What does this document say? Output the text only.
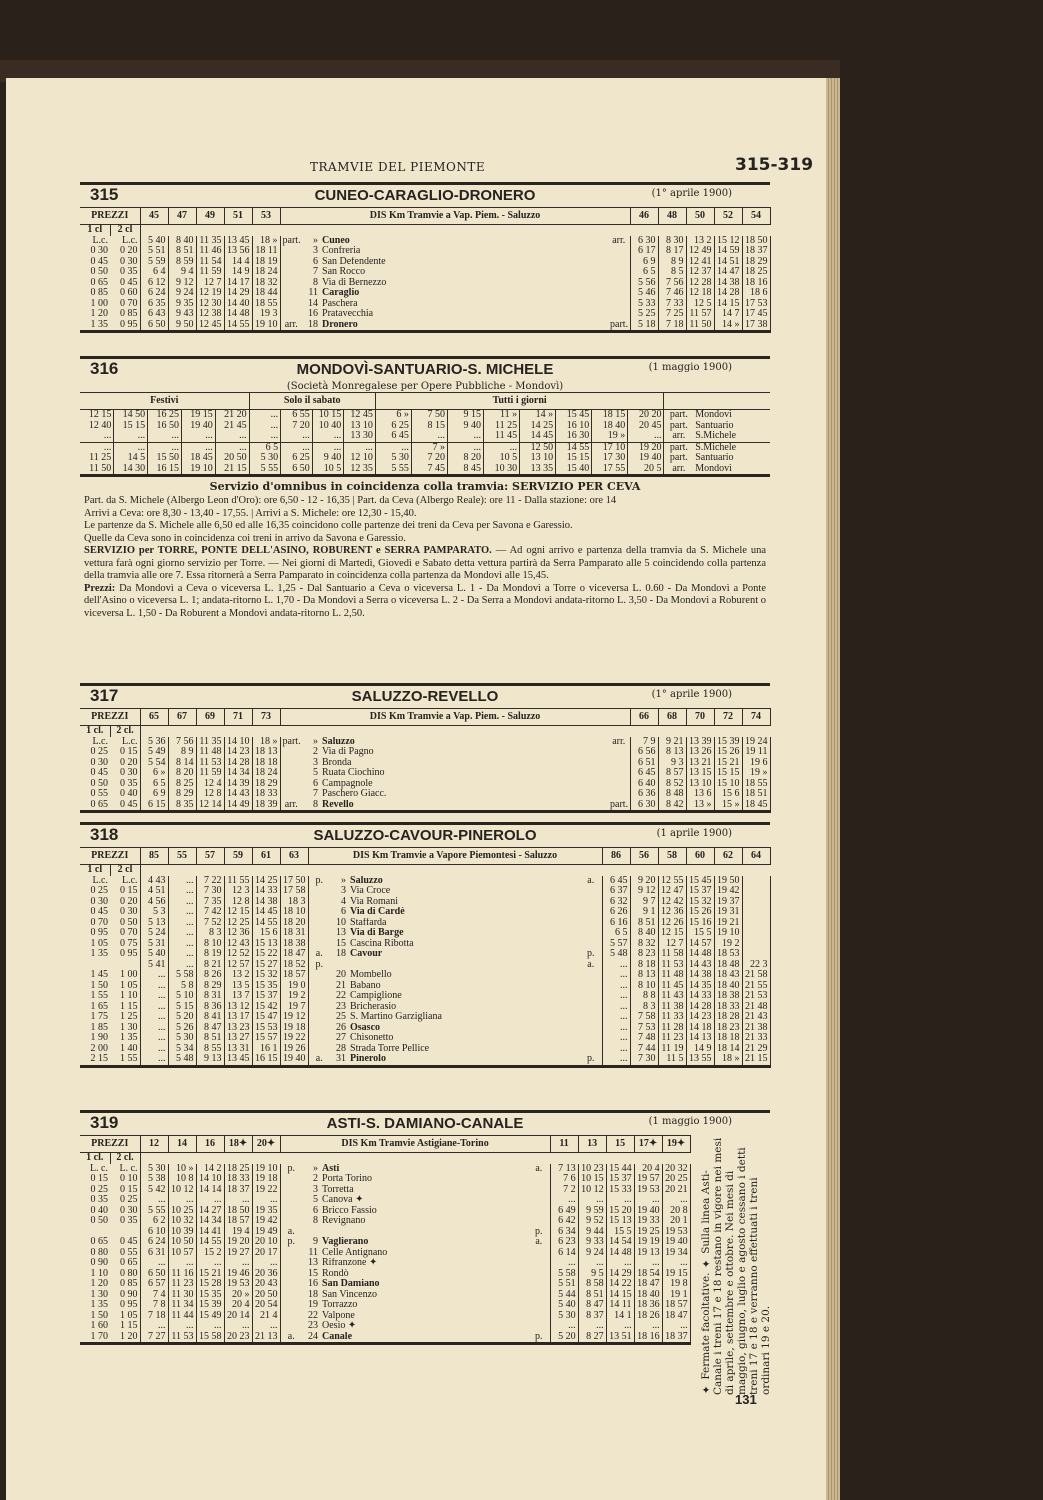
TRAMVIE DEL PIEMONTE	315-319
315	CUNEO-CARAGLIO-DRONERO	(1° aprile 1900)
PREZZI		45	47	49	51	53	DIS Km Tramvie a Vap. Piem. - Saluzzo				46	48	50	52	54
1 cl	2 cl														
L.c.	L.c.	5 40	8 40	11 35	13 45	18 »	part.	»	Cuneo	arr.	6 30	8 30	13 2	15 12	18 50
0 30	0 20	5 51	8 51	11 46	13 56	18 11		3	Confreria		6 17	8 17	12 49	14 59	18 37
0 45	0 30	5 59	8 59	11 54	14 4	18 19		6	San Defendente		6 9	8 9	12 41	14 51	18 29
0 50	0 35	6 4	9 4	11 59	14 9	18 24		7	San Rocco		6 5	8 5	12 37	14 47	18 25
0 65	0 45	6 12	9 12	12 7	14 17	18 32		8	Via di Bernezzo		5 56	7 56	12 28	14 38	18 16
0 85	0 60	6 24	9 24	12 19	14 29	18 44		11	Caraglio		5 46	7 46	12 18	14 28	18 6
1 00	0 70	6 35	9 35	12 30	14 40	18 55		14	Paschera		5 33	7 33	12 5	14 15	17 53
1 20	0 85	6 43	9 43	12 38	14 48	19 3		16	Pratavecchia		5 25	7 25	11 57	14 7	17 45
1 35	0 95	6 50	9 50	12 45	14 55	19 10	arr.	18	Dronero	part.	5 18	7 18	11 50	14 »	17 38
316	MONDOVÌ-SANTUARIO-S. MICHELE	(1 maggio 1900)
(Società Monregalese per Opere Pubbliche - Mondovì)
Festivi					Solo il sabato				Tutti i giorni									
12 15	14 50	16 25	19 15	21 20	...	6 55	10 15	12 45	6 »	7 50	9 15	11 »	14 »	15 45	18 15	20 20	part.	Mondovì
12 40	15 15	16 50	19 40	21 45	...	7 20	10 40	13 10	6 25	8 15	9 40	11 25	14 25	16 10	18 40	20 45	part.	Santuario
...	...	...	...	...	...	...	...	13 30	6 45	...	...	11 45	14 45	16 30	19 »	...	arr.	S.Michele
...	...	...	...	...	6 5	...	...	...	...	7 »	...	...	12 50	14 55	17 10	19 20	part.	S.Michele
11 25	14 5	15 50	18 45	20 50	5 30	6 25	9 40	12 10	5 30	7 20	8 20	10 5	13 10	15 15	17 30	19 40	part.	Santuario
11 50	14 30	16 15	19 10	21 15	5 55	6 50	10 5	12 35	5 55	7 45	8 45	10 30	13 35	15 40	17 55	20 5	arr.	Mondovì
Servizio d'omnibus in coincidenza colla tramvia: SERVIZIO PER CEVA

Part. da S. Michele (Albergo Leon d'Oro): ore 6,50 - 12 - 16,35 | Part. da Ceva (Albergo Reale): ore 11 - Dalla stazione: ore 14

Arrivi a Ceva: ore 8,30 - 13,40 - 17,55. | Arrivi a S. Michele: ore 12,30 - 15,40.

Le partenze da S. Michele alle 6,50 ed alle 16,35 coincidono colle partenze dei treni da Ceva per Savona e Garessio.

Quelle da Ceva sono in coincidenza coi treni in arrivo da Savona e Garessio.

SERVIZIO per TORRE, PONTE DELL'ASINO, ROBURENT e SERRA PAMPARATO. — Ad ogni arrivo e partenza della tramvia da S. Michele una vettura farà ogni giorno servizio per Torre. — Nei giorni di Martedì, Giovedì e Sabato detta vettura partirà da Serra Pamparato alle 5 coincidendo colla partenza della tramvia alle ore 7. Essa ritornerà a Serra Pamparato in coincidenza colla partenza da Mondovì alle 15,45.

Prezzi: Da Mondovì a Ceva o viceversa L. 1,25 - Dal Santuario a Ceva o viceversa L. 1 - Da Mondovì a Torre o viceversa L. 0.60 - Da Mondovì a Ponte dell'Asino o viceversa L. 1; andata-ritorno L. 1,70 - Da Mondovì a Serra o viceversa L. 2 - Da Serra a Mondovì andata-ritorno L. 3,50 - Da Mondovì a Roburent o viceversa L. 1,50 - Da Roburent a Mondovì andata-ritorno L. 2,50.

317	SALUZZO-REVELLO	(1° aprile 1900)
PREZZI		65	67	69	71	73	DIS Km Tramvie a Vap. Piem. - Saluzzo				66	68	70	72	74
1 cl.	2 cl.														
L.c.	L.c.	5 36	7 56	11 35	14 10	18 »	part.	»	Saluzzo	arr.	7 9	9 21	13 39	15 39	19 24
0 25	0 15	5 49	8 9	11 48	14 23	18 13		2	Via di Pagno		6 56	8 13	13 26	15 26	19 11
0 30	0 20	5 54	8 14	11 53	14 28	18 18		3	Bronda		6 51	9 3	13 21	15 21	19 6
0 45	0 30	6 »	8 20	11 59	14 34	18 24		5	Ruata Ciochino		6 45	8 57	13 15	15 15	19 »
0 50	0 35	6 5	8 25	12 4	14 39	18 29		6	Campagnole		6 40	8 52	13 10	15 10	18 55
0 55	0 40	6 9	8 29	12 8	14 43	18 33		7	Paschero Giacc.		6 36	8 48	13 6	15 6	18 51
0 65	0 45	6 15	8 35	12 14	14 49	18 39	arr.	8	Revello	part.	6 30	8 42	13 »	15 »	18 45
318	SALUZZO-CAVOUR-PINEROLO	(1 aprile 1900)
PREZZI		85	55	57	59	61	63	DIS Km Tramvie a Vapore Piemontesi - Saluzzo				86	56	58	60	62	64
1 cl	2 cl																
L.c.	L.c.	4 43	...	7 22	11 55	14 25	17 50	p.	»	Saluzzo	a.	6 45	9 20	12 55	15 45	19 50	
0 25	0 15	4 51	...	7 30	12 3	14 33	17 58		3	Via Croce		6 37	9 12	12 47	15 37	19 42	
0 30	0 20	4 56	...	7 35	12 8	14 38	18 3		4	Via Romani		6 32	9 7	12 42	15 32	19 37	
0 45	0 30	5 3	...	7 42	12 15	14 45	18 10		6	Via di Cardè		6 26	9 1	12 36	15 26	19 31	
0 70	0 50	5 13	...	7 52	12 25	14 55	18 20		10	Staffarda		6 16	8 51	12 26	15 16	19 21	
0 95	0 70	5 24	...	8 3	12 36	15 6	18 31		13	Via di Barge		6 5	8 40	12 15	15 5	19 10	
1 05	0 75	5 31	...	8 10	12 43	15 13	18 38		15	Cascina Ribotta		5 57	8 32	12 7	14 57	19 2	
1 35	0 95	5 40	...	8 19	12 52	15 22	18 47	a.	18	Cavour	p.	5 48	8 23	11 58	14 48	18 53	
		5 41	...	8 21	12 57	15 27	18 52	p.			a.	...	8 18	11 53	14 43	18 48	22 3
1 45	1 00	...	5 58	8 26	13 2	15 32	18 57		20	Mombello		...	8 13	11 48	14 38	18 43	21 58
1 50	1 05	...	5 8	8 29	13 5	15 35	19 0		21	Babano		...	8 10	11 45	14 35	18 40	21 55
1 55	1 10	...	5 10	8 31	13 7	15 37	19 2		22	Campiglione		...	8 8	11 43	14 33	18 38	21 53
1 65	1 15	...	5 15	8 36	13 12	15 42	19 7		23	Bricherasio		...	8 3	11 38	14 28	18 33	21 48
1 75	1 25	...	5 20	8 41	13 17	15 47	19 12		25	S. Martino Garzigliana		...	7 58	11 33	14 23	18 28	21 43
1 85	1 30	...	5 26	8 47	13 23	15 53	19 18		26	Osasco		...	7 53	11 28	14 18	18 23	21 38
1 90	1 35	...	5 30	8 51	13 27	15 57	19 22		27	Chisonetto		...	7 48	11 23	14 13	18 18	21 33
2 00	1 40	...	5 34	8 55	13 31	16 1	19 26		28	Strada Torre Pellice		...	7 44	11 19	14 9	18 14	21 29
2 15	1 55	...	5 48	9 13	13 45	16 15	19 40	a.	31	Pinerolo	p.	...	7 30	11 5	13 55	18 »	21 15
319	ASTI-S. DAMIANO-CANALE	(1 maggio 1900)
PREZZI		12	14	16	18✦	20✦	DIS Km Tramvie Astigiane-Torino				11	13	15	17✦	19✦
1 cl.	2 cl.														
L. c.	L. c.	5 30	10 »	14 2	18 25	19 10	p.	»	Asti	a.	7 13	10 23	15 44	20 4	20 32
0 15	0 10	5 38	10 8	14 10	18 33	19 18		2	Porta Torino		7 6	10 15	15 37	19 57	20 25
0 25	0 15	5 42	10 12	14 14	18 37	19 22		3	Torretta		7 2	10 12	15 33	19 53	20 21
0 35	0 25	...	...	...	...	...		5	Canova ✦		...	...	...	...	...
0 40	0 30	5 55	10 25	14 27	18 50	19 35		6	Bricco Fassio		6 49	9 59	15 20	19 40	20 8
0 50	0 35	6 2	10 32	14 34	18 57	19 42		8	Revignano		6 42	9 52	15 13	19 33	20 1
		6 10	10 39	14 41	19 4	19 49	a.			p.	6 34	9 44	15 5	19 25	19 53
0 65	0 45	6 24	10 50	14 55	19 20	20 10	p.	9	Vaglierano	a.	6 23	9 33	14 54	19 19	19 40
0 80	0 55	6 31	10 57	15 2	19 27	20 17		11	Celle Antignano		6 14	9 24	14 48	19 13	19 34
0 90	0 65	...	...	...	...	...		13	Rifranzone ✦		...	...	...	...	...
1 10	0 80	6 50	11 16	15 21	19 46	20 36		15	Rondò		5 58	9 5	14 29	18 54	19 15
1 20	0 85	6 57	11 23	15 28	19 53	20 43		16	San Damiano		5 51	8 58	14 22	18 47	19 8
1 30	0 90	7 4	11 30	15 35	20 »	20 50		18	San Vincenzo		5 44	8 51	14 15	18 40	19 1
1 35	0 95	7 8	11 34	15 39	20 4	20 54		19	Torrazzo		5 40	8 47	14 11	18 36	18 57
1 50	1 05	7 18	11 44	15 49	20 14	21 4		22	Valpone		5 30	8 37	14 1	18 26	18 47
1 60	1 15	...	...	...	...	...		23	Oesio ✦		...	...	...	...	...
1 70	1 20	7 27	11 53	15 58	20 23	21 13	a.	24	Canale	p.	5 20	8 27	13 51	18 16	18 37 ✦ Fermate facoltative. ✦ Sulla linea Asti-Canale i treni 17 e 18 restano in vigore nei mesi di aprile, settembre e ottobre. Nei mesi di maggio, giugno, luglio e agosto cessano i detti treni 17 e 18 e verranno effettuati i treni ordinari 19 e 20.
131
